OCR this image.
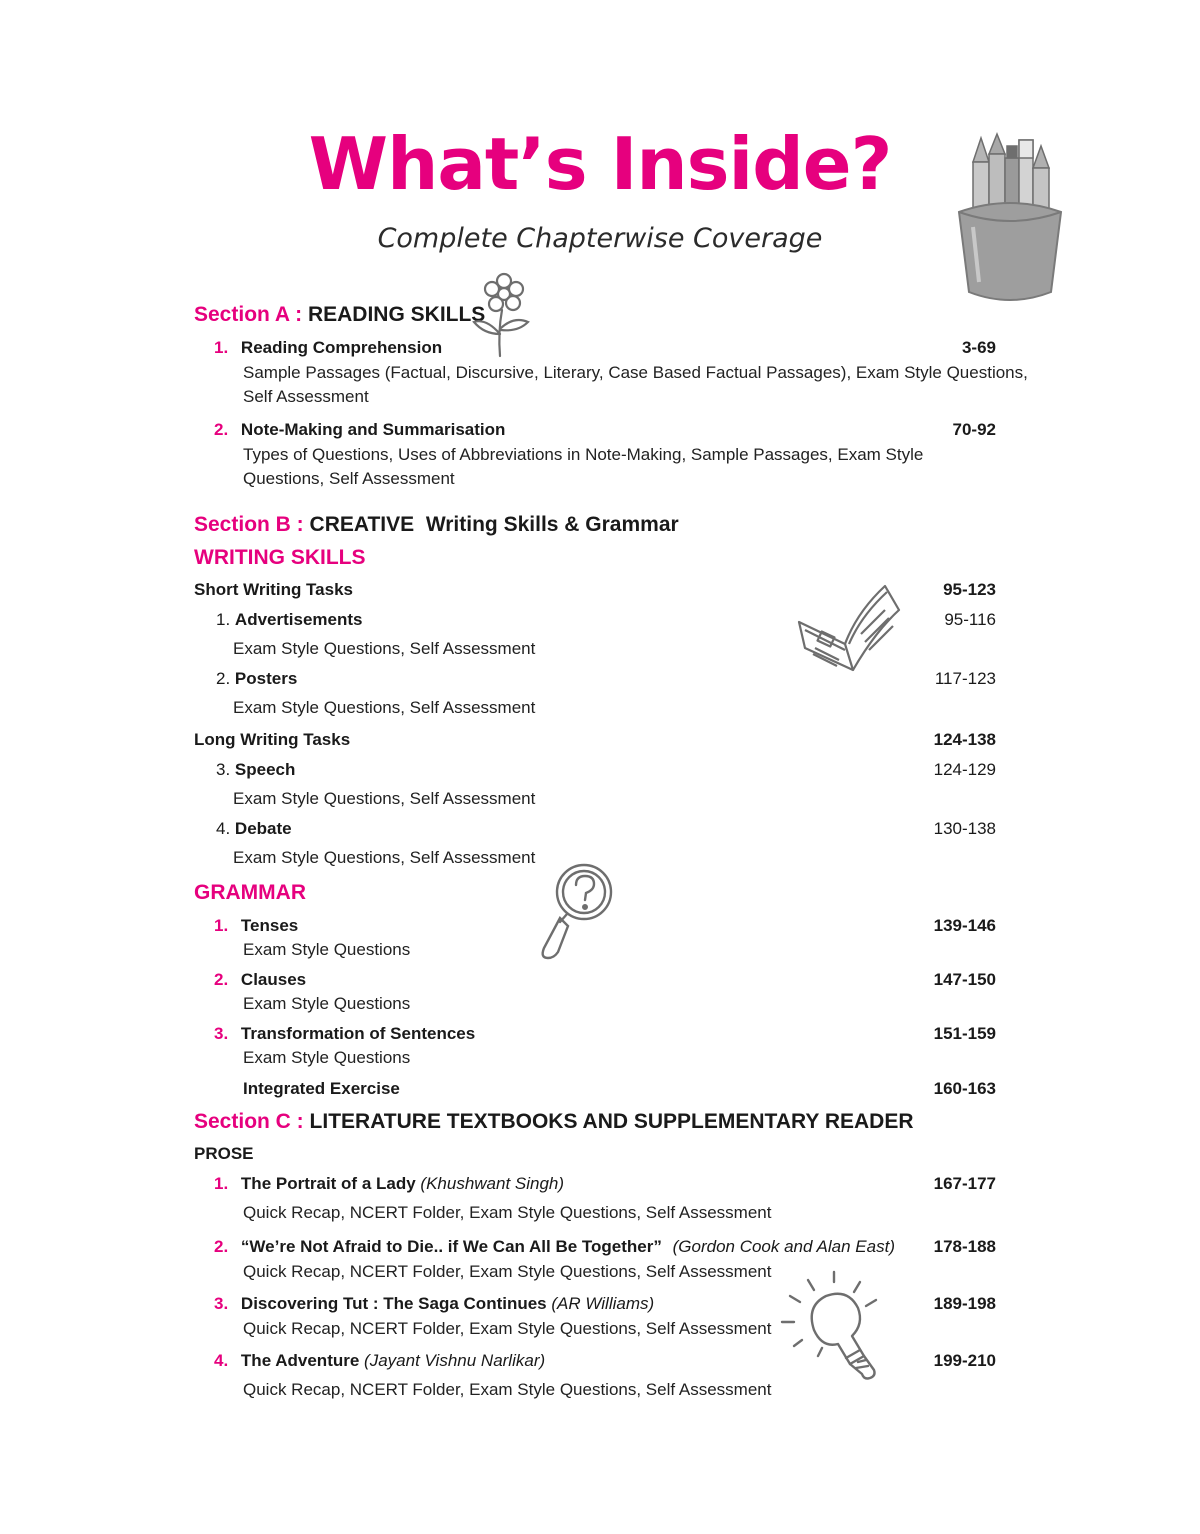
What’s Inside?
Complete Chapterwise Coverage
Section A : READING SKILLS
1. Reading Comprehension	3-69
Sample Passages (Factual, Discursive, Literary, Case Based Factual Passages), Exam Style Questions,
Self Assessment
2. Note-Making and Summarisation	70-92
Types of Questions, Uses of Abbreviations in Note-Making, Sample Passages, Exam Style
Questions, Self Assessment
Section B : CREATIVE  Writing Skills & Grammar
WRITING SKILLS
Short Writing Tasks	95-123
1. Advertisements	95-116
Exam Style Questions, Self Assessment
2. Posters	117-123
Exam Style Questions, Self Assessment
Long Writing Tasks	124-138
3. Speech	124-129
Exam Style Questions, Self Assessment
4. Debate	130-138
Exam Style Questions, Self Assessment
GRAMMAR
1. Tenses	139-146
Exam Style Questions
2. Clauses	147-150
Exam Style Questions
3. Transformation of Sentences	151-159
Exam Style Questions
Integrated Exercise	160-163
Section C : LITERATURE TEXTBOOKS AND SUPPLEMENTARY READER
PROSE
1. The Portrait of a Lady (Khushwant Singh)	167-177
Quick Recap, NCERT Folder, Exam Style Questions, Self Assessment
2. “We’re Not Afraid to Die.. if We Can All Be Together” (Gordon Cook and Alan East) 178-188
Quick Recap, NCERT Folder, Exam Style Questions, Self Assessment
3. Discovering Tut : The Saga Continues (AR Williams)	189-198
Quick Recap, NCERT Folder, Exam Style Questions, Self Assessment
4. The Adventure (Jayant Vishnu Narlikar)	199-210
Quick Recap, NCERT Folder, Exam Style Questions, Self Assessment
